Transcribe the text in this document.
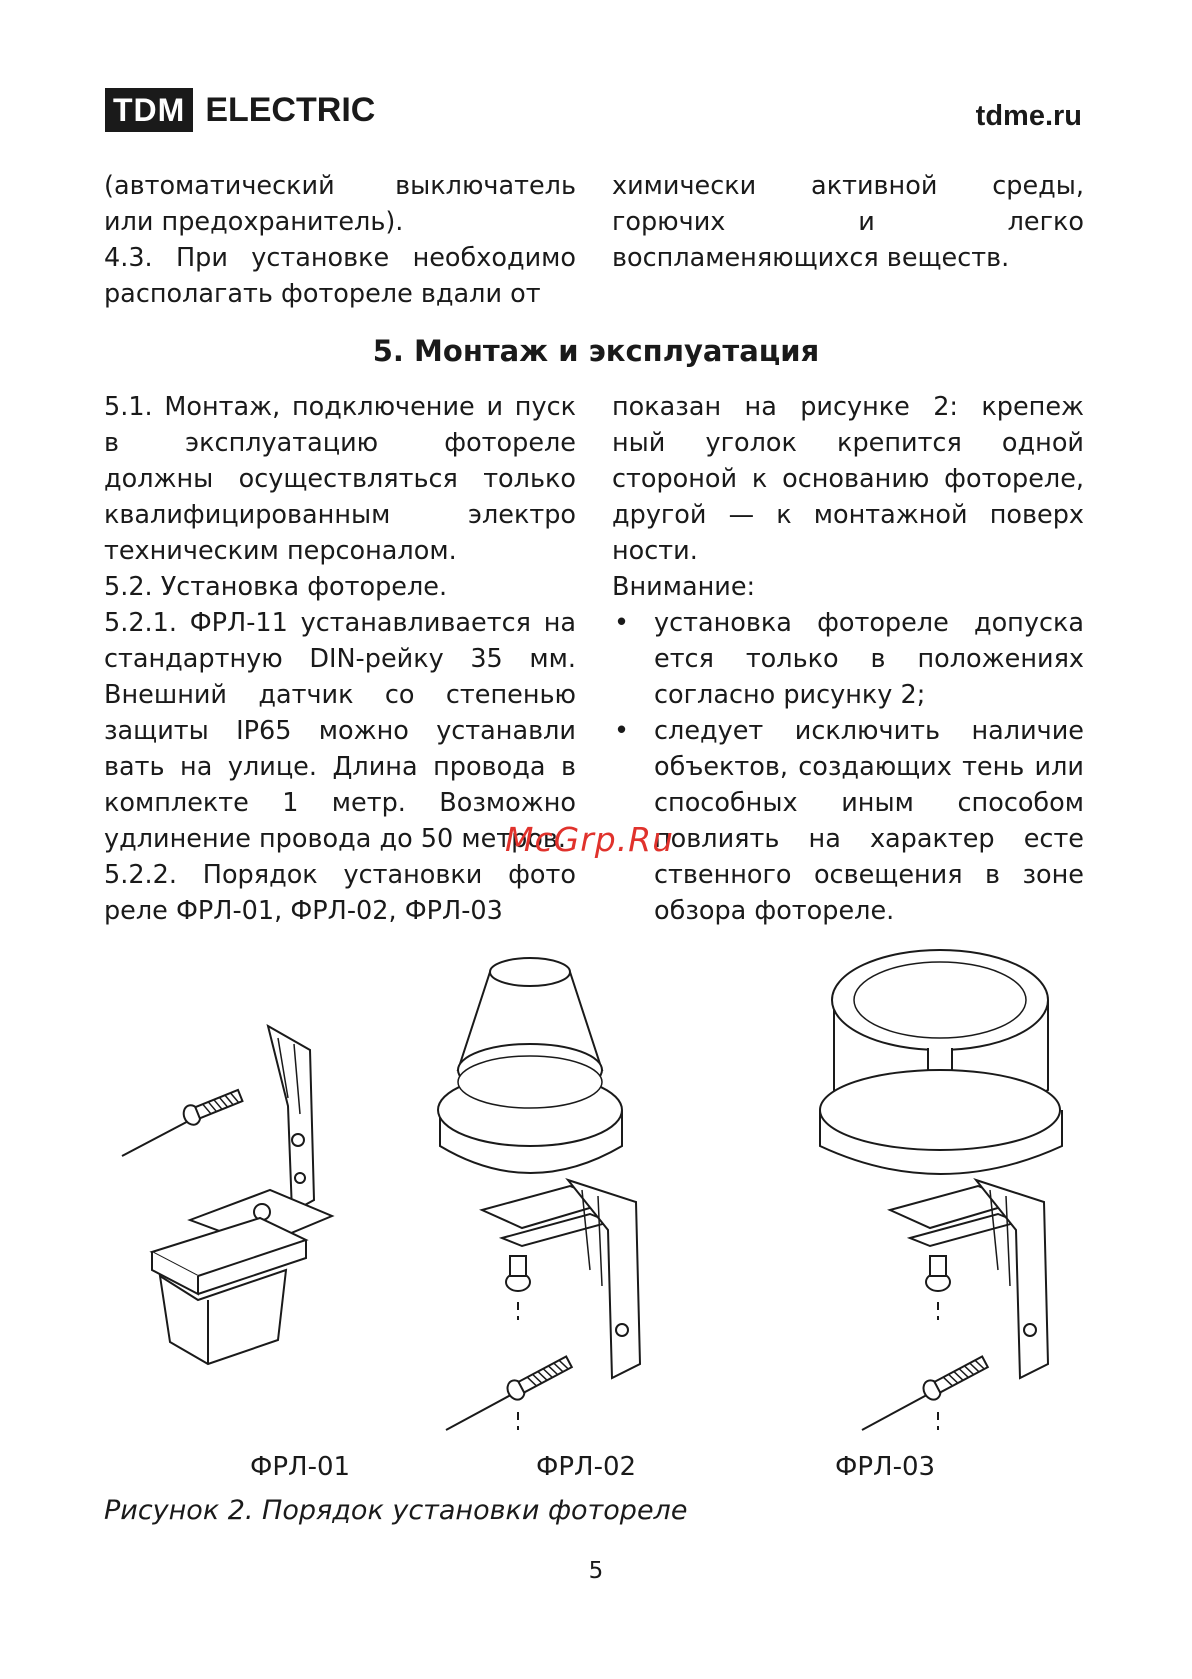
TDM ELECTRIC	tdme.ru

(автоматический выключатель или предохранитель).

4.3. При установке необходимо располагать фотореле вдали от

химически активной среды, горючих и легко воспламеняющихся веществ.

5. Монтаж и эксплуатация

5.1. Монтаж, подключение и пуск в эксплуатацию фотореле должны осуществляться только квалифицированным электро техническим персоналом.

5.2. Установка фотореле.

5.2.1. ФРЛ-11 устанавливается на стандартную DIN-рейку 35 мм. Внешний датчик со степенью защиты IP65 можно устанавли вать на улице. Длина провода в комплекте 1 метр. Возможно удлинение провода до 50 метров.

5.2.2. Порядок установки фото реле ФРЛ-01, ФРЛ-02, ФРЛ-03

показан на рисунке 2: крепеж ный уголок крепится одной стороной к основанию фотореле, другой — к монтажной поверх ности.

Внимание:

• установка фотореле допуска ется только в положениях согласно рисунку 2;
• следует исключить наличие объектов, создающих тень или способных иным способом повлиять на характер есте ственного освещения в зоне обзора фотореле.
McGrp.Ru
ФРЛ-01	ФРЛ-02	ФРЛ-03
Рисунок 2. Порядок установки фотореле
5
